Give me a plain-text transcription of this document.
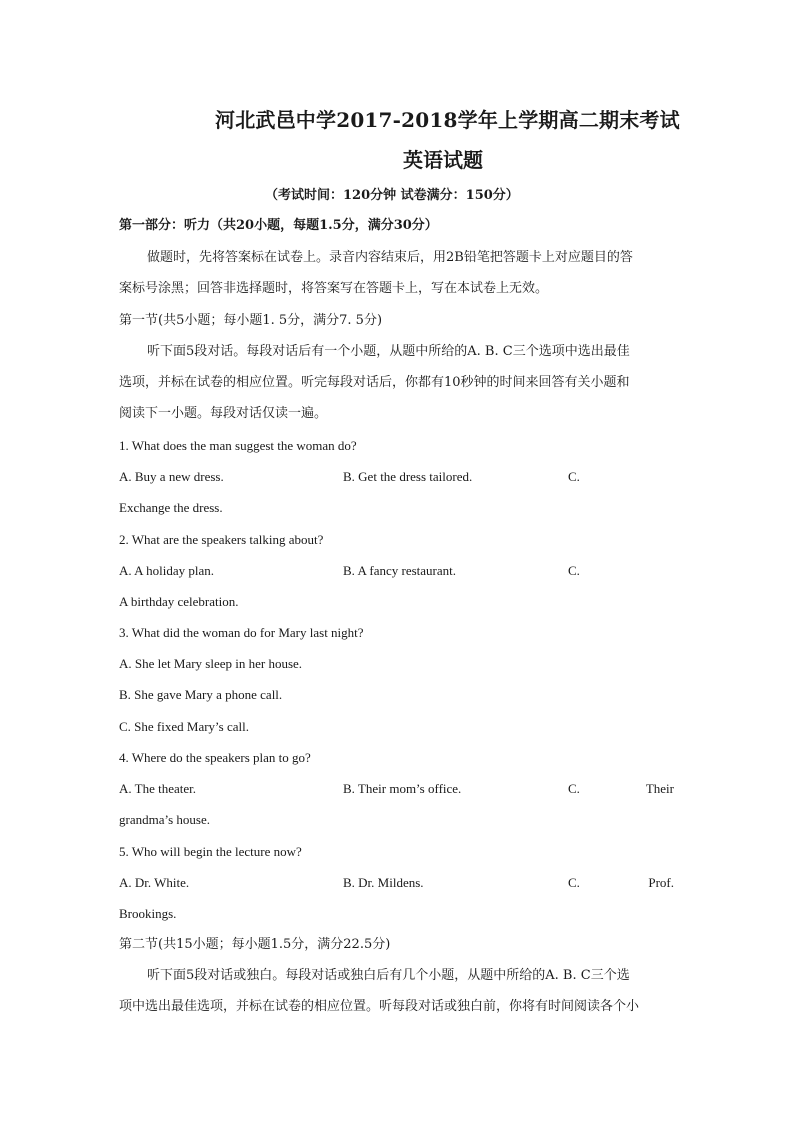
河北武邑中学2017-2018学年上学期高二期末考试
英语试题
（考试时间：120分钟 试卷满分：150分）
第一部分：听力（共20小题，每题1.5分，满分30分）
做题时，先将答案标在试卷上。录音内容结束后，用2B铅笔把答题卡上对应题目的答
案标号涂黑；回答非选择题时，将答案写在答题卡上，写在本试卷上无效。
第一节(共5小题；每小题1. 5分，满分7. 5分)
听下面5段对话。每段对话后有一个小题，从题中所给的A. B. C三个选项中选出最佳
选项，并标在试卷的相应位置。听完每段对话后，你都有10秒钟的时间来回答有关小题和
阅读下一小题。每段对话仅读一遍。
1. What does the man suggest the woman do?
A. Buy a new dress.	B. Get the dress tailored.	C.
Exchange the dress.
2. What are the speakers talking about?
A. A holiday plan.	B. A fancy restaurant.	C.
A birthday celebration.
3. What did the woman do for Mary last night?
A. She let Mary sleep in her house.
B. She gave Mary a phone call.
C. She fixed Mary’s call.
4. Where do the speakers plan to go?
A. The theater.	B. Their mom’s office.	C.	Their
grandma’s house.
5. Who will begin the lecture now?
A. Dr. White.	B. Dr. Mildens.	C.	Prof.
Brookings.
第二节(共15小题；每小题1.5分，满分22.5分)
听下面5段对话或独白。每段对话或独白后有几个小题，从题中所给的A. B. C三个选
项中选出最佳选项，并标在试卷的相应位置。听每段对话或独白前，你将有时间阅读各个小
